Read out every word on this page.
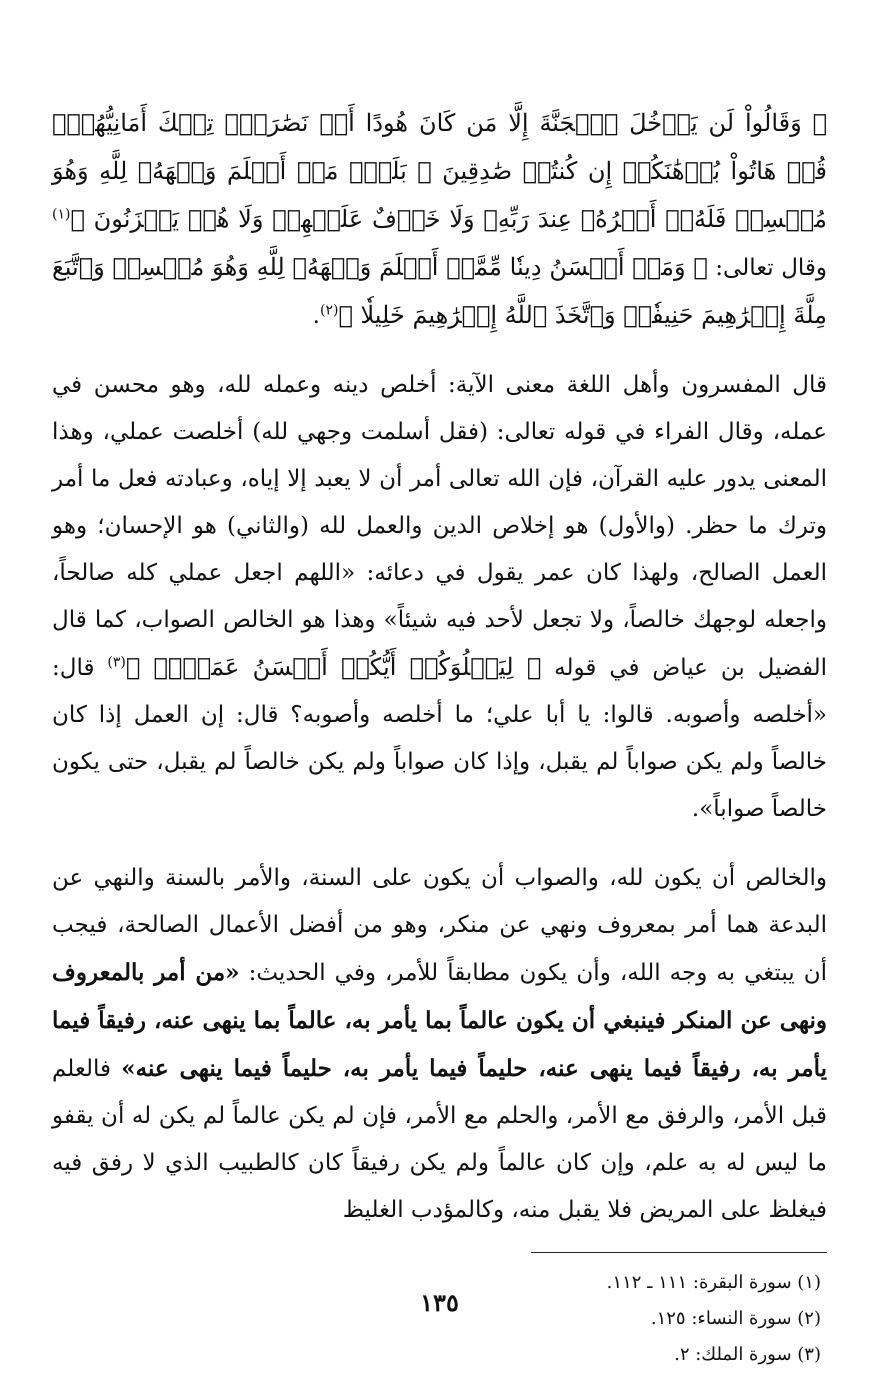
﴿ وَقَالُواْ لَن يَدۡخُلَ ٱلۡجَنَّةَ إِلَّا مَن كَانَ هُودًا أَوۡ نَصَٰرَىٰۗ تِلۡكَ أَمَانِيُّهُمۡۗ قُلۡ هَاتُواْ بُرۡهَٰنَكُمۡ إِن كُنتُمۡ صَٰدِقِينَ ۞ بَلَىٰۚ مَنۡ أَسۡلَمَ وَجۡهَهُۥ لِلَّهِ وَهُوَ مُحۡسِنٞ فَلَهُۥٓ أَجۡرُهُۥ عِندَ رَبِّهِۦ وَلَا خَوۡفٌ عَلَيۡهِمۡ وَلَا هُمۡ يَحۡزَنُونَ ﴾$^{(١)}$ وقال تعالى: ﴿ وَمَنۡ أَحۡسَنُ دِينٗا مِّمَّنۡ أَسۡلَمَ وَجۡهَهُۥ لِلَّهِ وَهُوَ مُحۡسِنٞ وَٱتَّبَعَ مِلَّةَ إِبۡرَٰهِيمَ حَنِيفٗاۗ وَٱتَّخَذَ ٱللَّهُ إِبۡرَٰهِيمَ خَلِيلٗا ﴾$^{(٢)}$.

قال المفسرون وأهل اللغة معنى الآية: أخلص دينه وعمله لله، وهو محسن في عمله، وقال الفراء في قوله تعالى: (فقل أسلمت وجهي لله) أخلصت عملي، وهذا المعنى يدور عليه القرآن، فإن الله تعالى أمر أن لا يعبد إلا إياه، وعبادته فعل ما أمر وترك ما حظر. (والأول) هو إخلاص الدين والعمل لله (والثاني) هو الإحسان؛ وهو العمل الصالح، ولهذا كان عمر يقول في دعائه: «اللهم اجعل عملي كله صالحاً، واجعله لوجهك خالصاً، ولا تجعل لأحد فيه شيئاً» وهذا هو الخالص الصواب، كما قال الفضيل بن عياض في قوله ﴿ لِيَبۡلُوَكُمۡ أَيُّكُمۡ أَحۡسَنُ عَمَلٗاۚ ﴾$^{(٣)}$ قال: «أخلصه وأصوبه. قالوا: يا أبا علي؛ ما أخلصه وأصوبه؟ قال: إن العمل إذا كان خالصاً ولم يكن صواباً لم يقبل، وإذا كان صواباً ولم يكن خالصاً لم يقبل، حتى يكون خالصاً صواباً».

والخالص أن يكون لله، والصواب أن يكون على السنة، والأمر بالسنة والنهي عن البدعة هما أمر بمعروف ونهي عن منكر، وهو من أفضل الأعمال الصالحة، فيجب أن يبتغي به وجه الله، وأن يكون مطابقاً للأمر، وفي الحديث: «من أمر بالمعروف ونهى عن المنكر فينبغي أن يكون عالماً بما يأمر به، عالماً بما ينهى عنه، رفيقاً فيما يأمر به، رفيقاً فيما ينهى عنه، حليماً فيما يأمر به، حليماً فيما ينهى عنه» فالعلم قبل الأمر، والرفق مع الأمر، والحلم مع الأمر، فإن لم يكن عالماً لم يكن له أن يقفو ما ليس له به علم، وإن كان عالماً ولم يكن رفيقاً كان كالطبيب الذي لا رفق فيه فيغلظ على المريض فلا يقبل منه، وكالمؤدب الغليظ

(١) سورة البقرة: ١١١ ـ ١١٢.

(٢) سورة النساء: ١٢٥.

(٣) سورة الملك: ٢.

١٣٥
